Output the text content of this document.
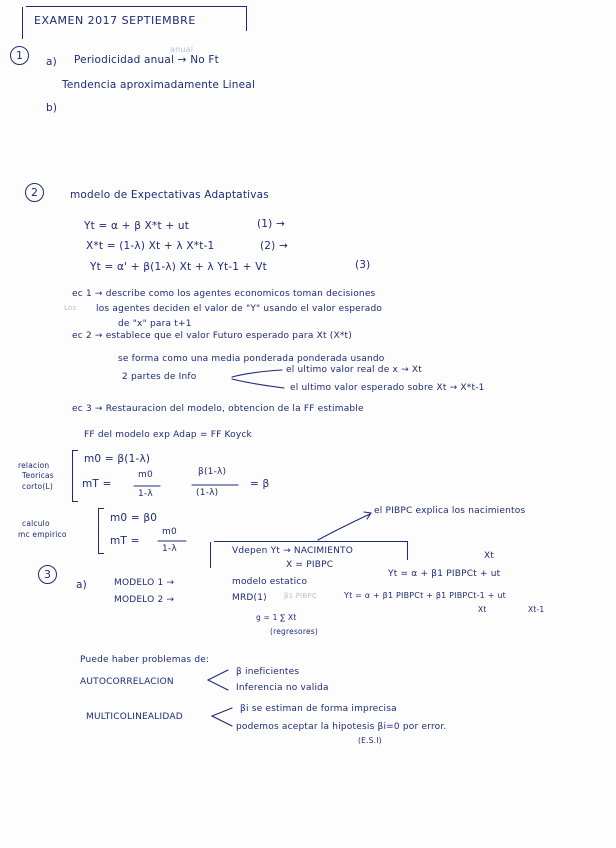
EXAMEN 2017 SEPTIEMBRE
1	a) Periodicidad anual → No Ft
anual
Tendencia aproximadamente Lineal
b)
2	modelo de Expectativas Adaptativas
Yt = α + β X*t + ut	(1) →
X*t = (1-λ) Xt + λ X*t-1	(2) →
Yt = α' + β(1-λ) Xt + λ Yt-1 + Vt	(3)
ec 1 → describe como los agentes economicos toman decisiones
Los los agentes deciden el valor de "Y" usando el valor esperado
de "x" para t+1
ec 2 → establece que el valor Futuro esperado para Xt (X*t)
se forma como una media ponderada ponderada usando
2 partes de Info
el ultimo valor real de x → Xt
el ultimo valor esperado sobre Xt → X*t-1
ec 3 → Restauracion del modelo, obtencion de la FF estimable
FF del modelo exp Adap = FF Koyck
relacion
Teoricas
corto(L)
m0 = β(1-λ)
mT =
m0
1-λ
β(1-λ)
(1-λ)
= β
calculo
mc empirico
m0 = β0
mT =
m0
1-λ
el PIBPC explica los nacimientos
Vdepen Yt → NACIMIENTO
X = PIBPC
3
a)
Xt
MODELO 1 →	modelo estatico
Yt = α + β1 PIBPCt + ut
MODELO 2 →	MRD(1) β1 PIBPC	Yt = α + β1 PIBPCt + β1 PIBPCt-1 + ut
Xt	Xt-1
g = 1 ∑ Xt
(regresores)
Puede haber problemas de:
AUTOCORRELACION
β ineficientes
Inferencia no valida
MULTICOLINEALIDAD
βi se estiman de forma imprecisa
podemos aceptar la hipotesis βi=0 por error.
(E.S.I)
